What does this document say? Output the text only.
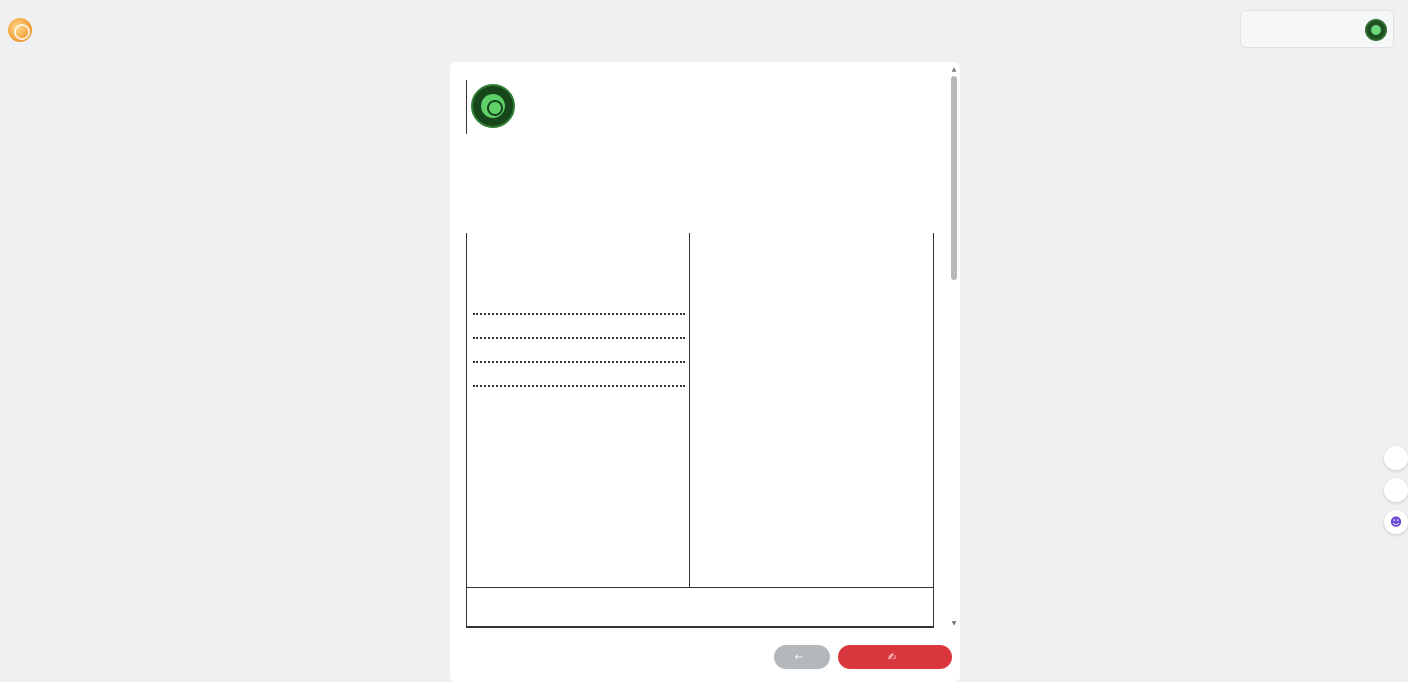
▲
▼
←	✍
☻
